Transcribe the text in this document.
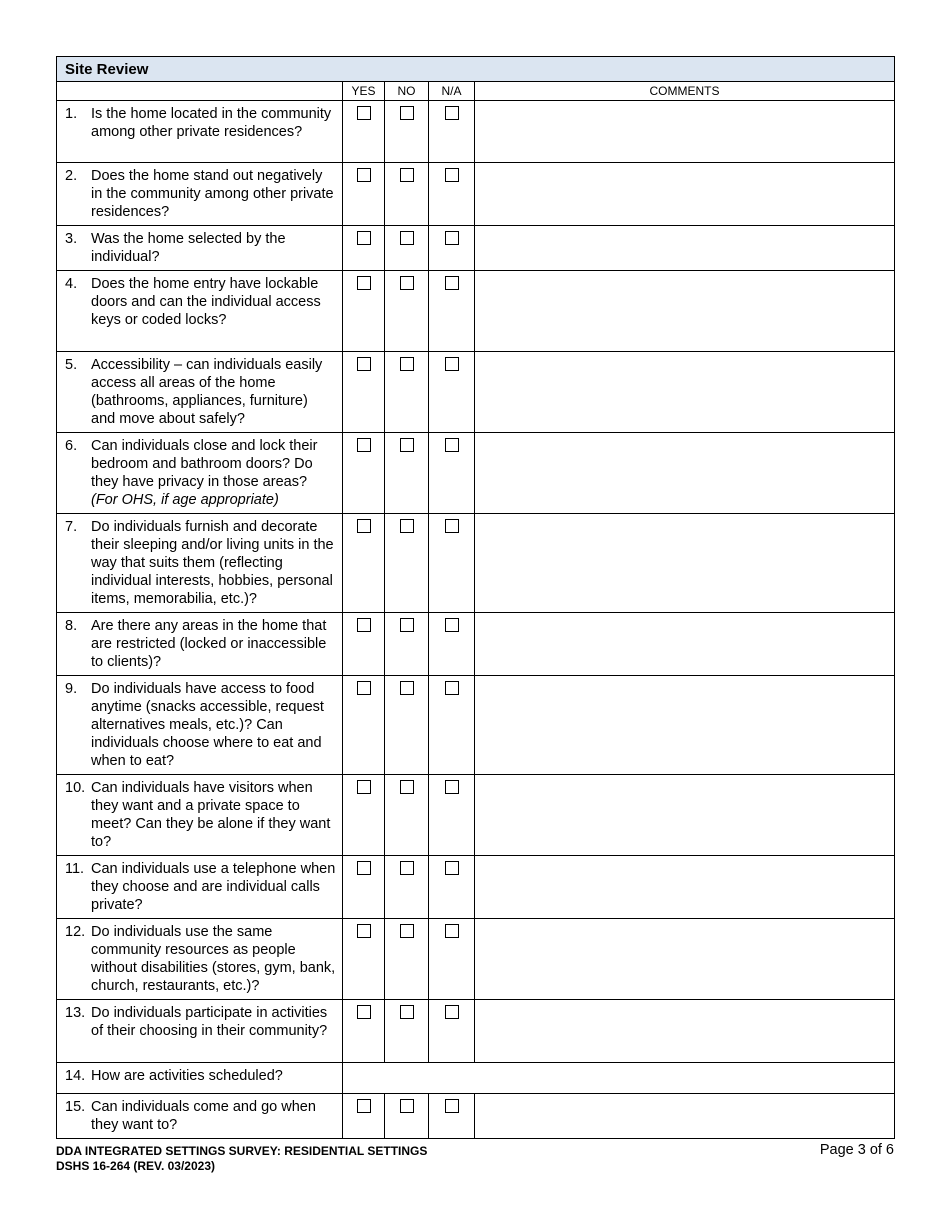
Site Review				
	YES	NO	N/A	COMMENTS

1. Is the home located in the community among other private residences?				

2. Does the home stand out negatively in the community among other private residences?				

3. Was the home selected by the individual?				

4. Does the home entry have lockable doors and can the individual access keys or coded locks?				

5. Accessibility – can individuals easily access all areas of the home (bathrooms, appliances, furniture) and move about safely?				

6. Can individuals close and lock their bedroom and bathroom doors? Do they have privacy in those areas? (For OHS, if age appropriate)				

7. Do individuals furnish and decorate their sleeping and/or living units in the way that suits them (reflecting individual interests, hobbies, personal items, memorabilia, etc.)?				

8. Are there any areas in the home that are restricted (locked or inaccessible to clients)?				

9. Do individuals have access to food anytime (snacks accessible, request alternatives meals, etc.)? Can individuals choose where to eat and when to eat?				

10. Can individuals have visitors when they want and a private space to meet? Can they be alone if they want to?				

11. Can individuals use a telephone when they choose and are individual calls private?				

12. Do individuals use the same community resources as people without disabilities (stores, gym, bank, church, restaurants, etc.)?				

13. Do individuals participate in activities of their choosing in their community?				

14. How are activities scheduled?				

15. Can individuals come and go when they want to?				

DDA INTEGRATED SETTINGS SURVEY: RESIDENTIAL SETTINGS
DSHS 16-264 (REV. 03/2023)
Page 3 of 6
